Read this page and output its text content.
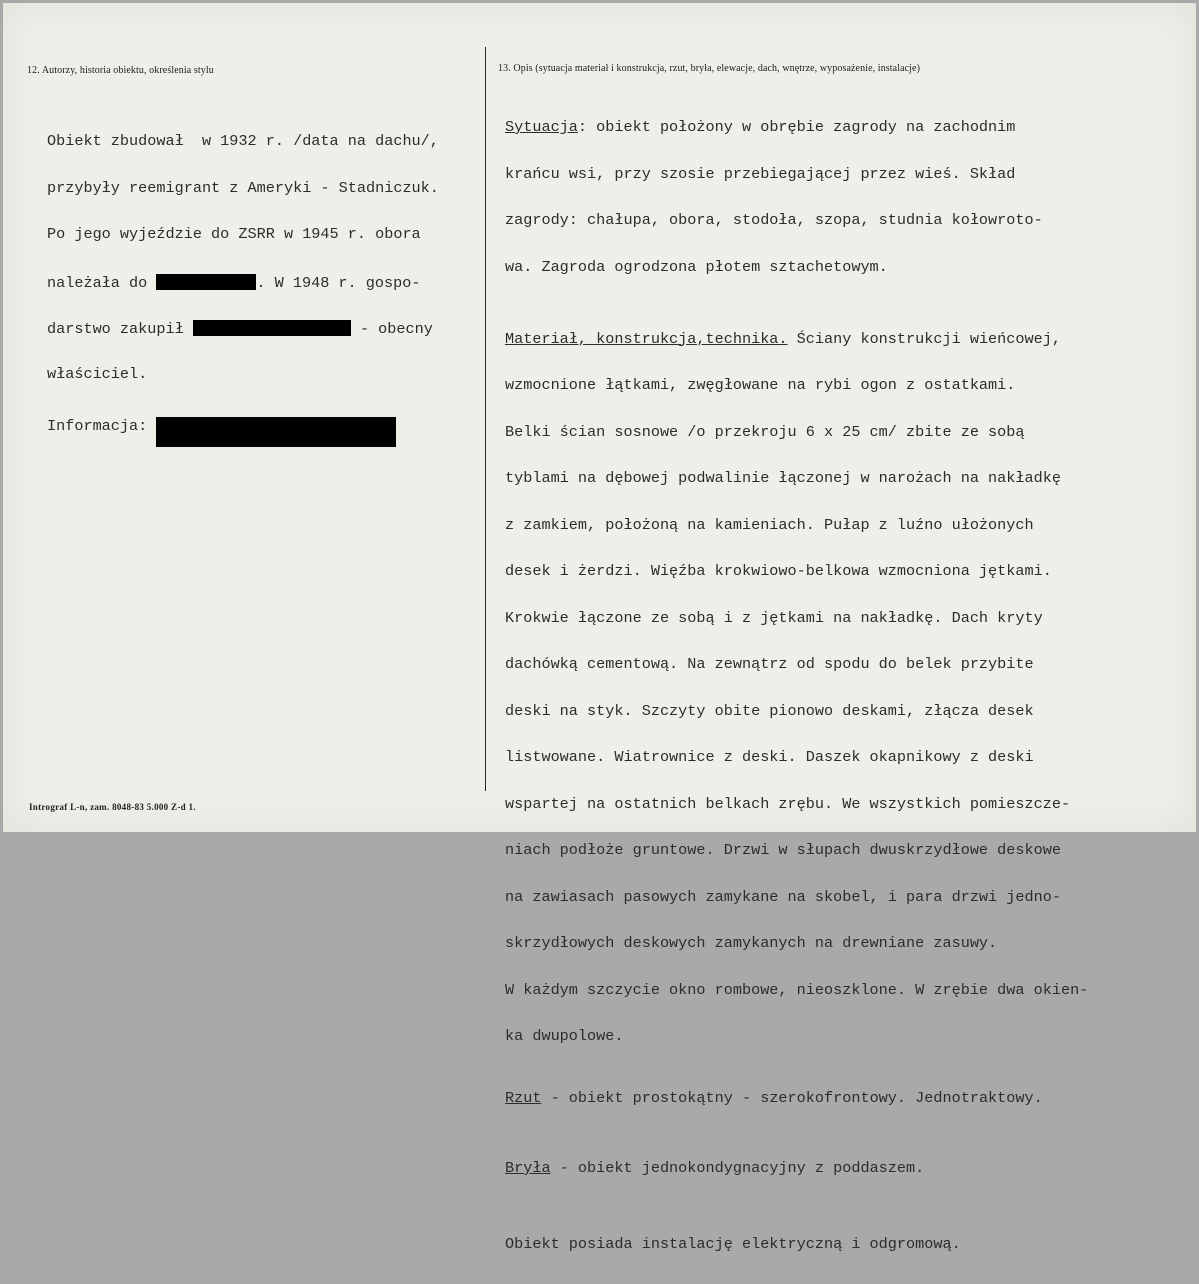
12. Autorzy, historia obiektu, określenia stylu	13. Opis (sytuacja materiał i konstrukcja, rzut, bryła, elewacje, dach, wnętrze, wyposażenie, instalacje)

Obiekt zbudował  w 1932 r. /data na dachu/,

przybyły reemigrant z Ameryki - Stadniczuk.

Po jego wyjeździe do ZSRR w 1945 r. obora

należała do	. W 1948 r. gospo-

darstwo zakupił	- obecny

właściciel.

Informacja:

Sytuacja: obiekt położony w obrębie zagrody na zachodnim

krańcu wsi, przy szosie przebiegającej przez wieś. Skład

zagrody: chałupa, obora, stodoła, szopa, studnia kołowroto-

wa. Zagroda ogrodzona płotem sztachetowym.

Materiał, konstrukcja,technika. Ściany konstrukcji wieńcowej,

wzmocnione łątkami, zwęgłowane na rybi ogon z ostatkami.

Belki ścian sosnowe /o przekroju 6 x 25 cm/ zbite ze sobą

tyblami na dębowej podwalinie łączonej w narożach na nakładkę

z zamkiem, położoną na kamieniach. Pułap z luźno ułożonych

desek i żerdzi. Więźba krokwiowo-belkowa wzmocniona jętkami.

Krokwie łączone ze sobą i z jętkami na nakładkę. Dach kryty

dachówką cementową. Na zewnątrz od spodu do belek przybite

deski na styk. Szczyty obite pionowo deskami, złącza desek

listwowane. Wiatrownice z deski. Daszek okapnikowy z deski

wspartej na ostatnich belkach zrębu. We wszystkich pomieszcze-

niach podłoże gruntowe. Drzwi w słupach dwuskrzydłowe deskowe

na zawiasach pasowych zamykane na skobel, i para drzwi jedno-

skrzydłowych deskowych zamykanych na drewniane zasuwy.

W każdym szczycie okno rombowe, nieoszklone. W zrębie dwa okien-

ka dwupolowe.

Rzut - obiekt prostokątny - szerokofrontowy. Jednotraktowy.

Bryła - obiekt jednokondygnacyjny z poddaszem.

Obiekt posiada instalację elektryczną i odgromową.

Intrograf L-n, zam. 8048-83 5.000 Z-d 1.
